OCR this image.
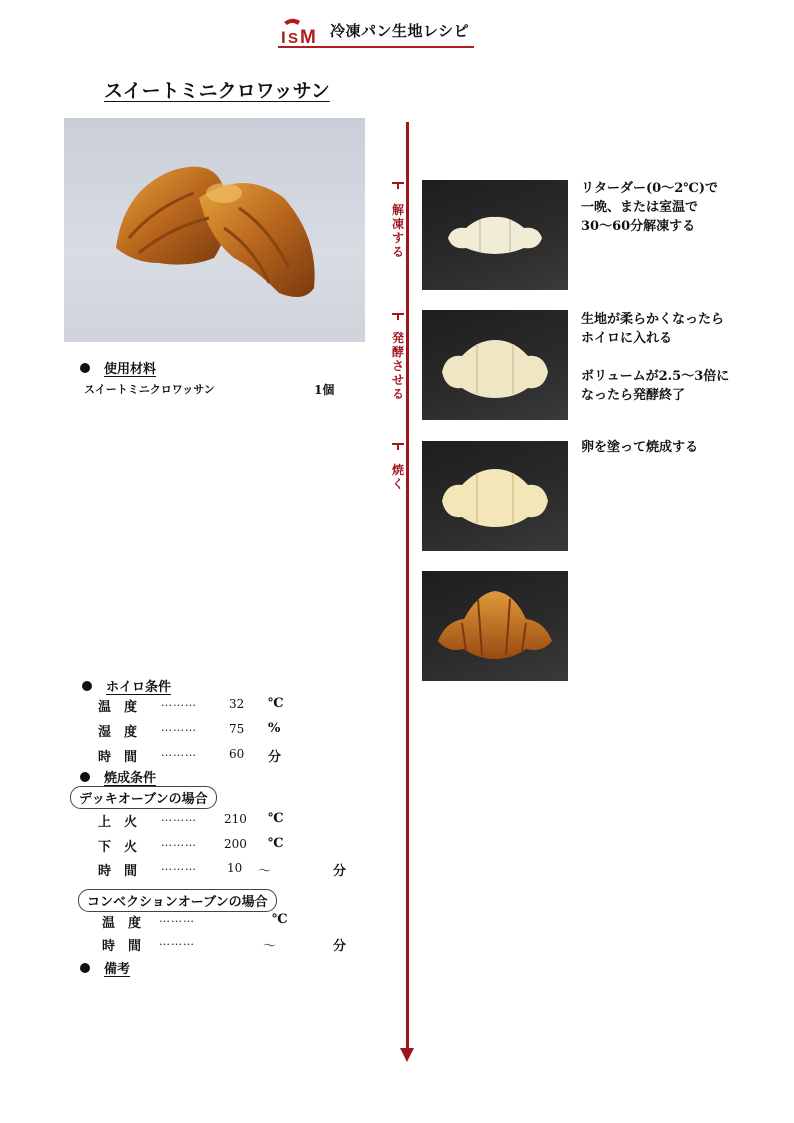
I S M 冷凍パン生地レシピ
スイートミニクロワッサン
使用材料
スイートミニクロワッサン	1個
ホイロ条件
温　度 ………	32 ℃
湿　度 ………	75 %
時　間 ………	60 分
焼成条件
デッキオーブンの場合
上　火 ……… 210 ℃
下　火 ……… 200 ℃
時　間 ………	10 ～	分
コンベクションオーブンの場合
温　度 ………	℃
時　間 ………	～	分
備考
解凍する
発酵させる
焼く
リターダー(0～2℃)で
一晩、または室温で
30～60分解凍する
生地が柔らかくなったら
ホイロに入れる

ボリュームが2.5～3倍に
なったら発酵終了
卵を塗って焼成する
